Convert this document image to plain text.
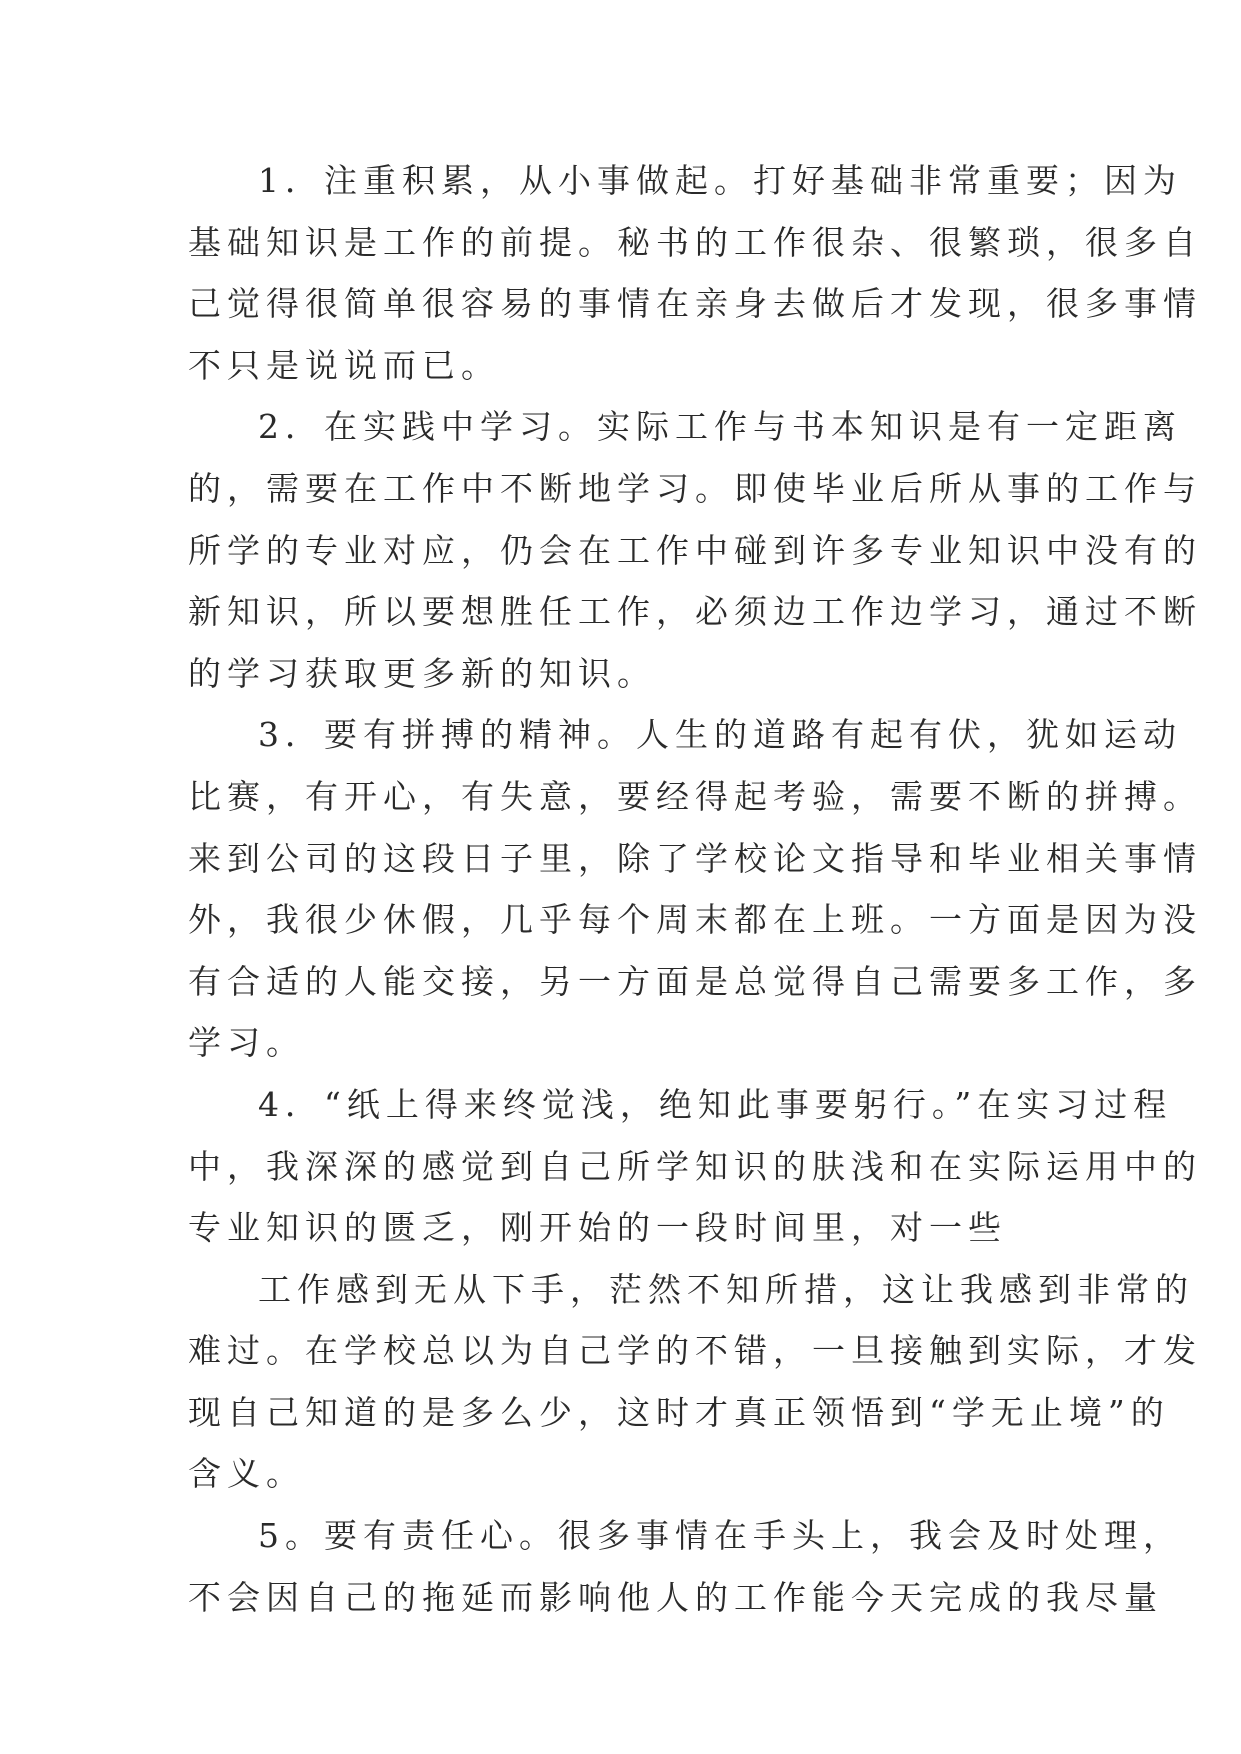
1．注重积累，从小事做起。打好基础非常重要；因为
基础知识是工作的前提。秘书的工作很杂、很繁琐，很多自
己觉得很简单很容易的事情在亲身去做后才发现，很多事情
不只是说说而已。
2．在实践中学习。实际工作与书本知识是有一定距离
的，需要在工作中不断地学习。即使毕业后所从事的工作与
所学的专业对应，仍会在工作中碰到许多专业知识中没有的
新知识，所以要想胜任工作，必须边工作边学习，通过不断
的学习获取更多新的知识。
3．要有拼搏的精神。人生的道路有起有伏，犹如运动
比赛，有开心，有失意，要经得起考验，需要不断的拼搏。
来到公司的这段日子里，除了学校论文指导和毕业相关事情
外，我很少休假，几乎每个周末都在上班。一方面是因为没
有合适的人能交接，另一方面是总觉得自己需要多工作，多
学习。
4．“纸上得来终觉浅，绝知此事要躬行。”在实习过程
中，我深深的感觉到自己所学知识的肤浅和在实际运用中的
专业知识的匮乏，刚开始的一段时间里，对一些
工作感到无从下手，茫然不知所措，这让我感到非常的
难过。在学校总以为自己学的不错，一旦接触到实际，才发
现自己知道的是多么少，这时才真正领悟到“学无止境”的
含义。
5。要有责任心。很多事情在手头上，我会及时处理，
不会因自己的拖延而影响他人的工作能今天完成的我尽量
